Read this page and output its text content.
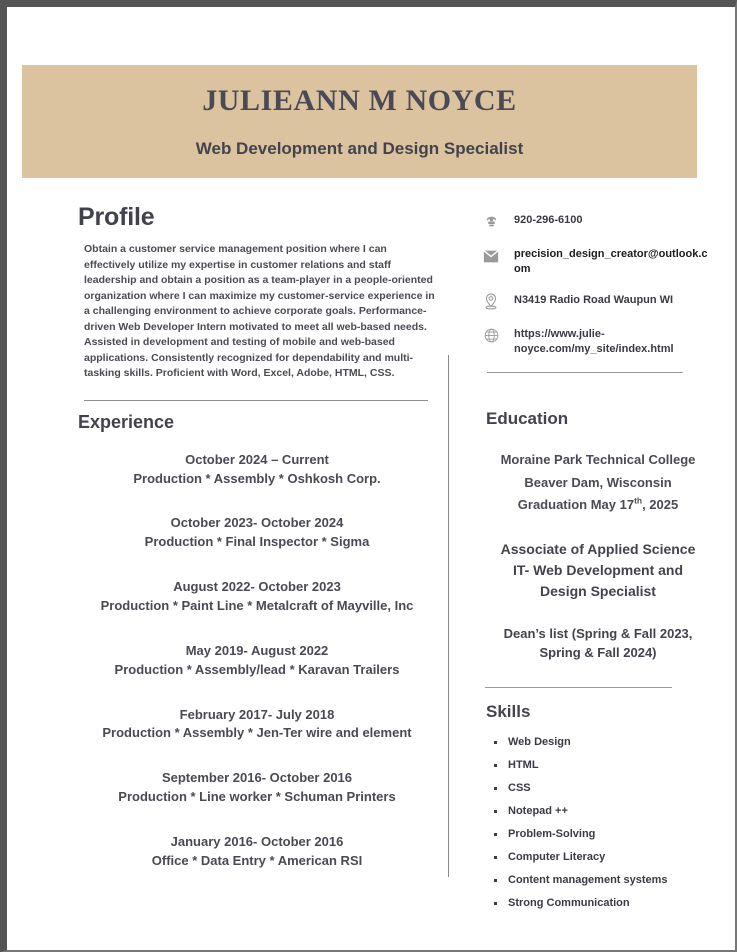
JULIEANN M NOYCE
Web Development and Design Specialist
Profile

Obtain a customer service management position where I can effectively utilize my expertise in customer relations and staff leadership and obtain a position as a team-player in a people-oriented organization where I can maximize my customer-service experience in a challenging environment to achieve corporate goals. Performance-driven Web Developer Intern motivated to meet all web-based needs. Assisted in development and testing of mobile and web-based applications. Consistently recognized for dependability and multi-tasking skills. Proficient with Word, Excel, Adobe, HTML, CSS.

Experience
October 2024 – Current
Production * Assembly * Oshkosh Corp.
October 2023- October 2024
Production * Final Inspector * Sigma
August 2022- October 2023
Production * Paint Line * Metalcraft of Mayville, Inc
May 2019- August 2022
Production * Assembly/lead * Karavan Trailers
February 2017- July 2018
Production * Assembly * Jen-Ter wire and element
September 2016- October 2016
Production * Line worker * Schuman Printers
January 2016- October 2016
Office * Data Entry * American RSI
920-296-6100
precision_design_creator@outlook.com
N3419 Radio Road Waupun WI
https://www.julie-noyce.com/my_site/index.html
Education

Moraine Park Technical College
Beaver Dam, Wisconsin
Graduation May 17th, 2025

Associate of Applied Science
IT- Web Development and
Design Specialist

Dean’s list (Spring & Fall 2023,
Spring & Fall 2024)

Skills
Web Design
HTML
CSS
Notepad ++
Problem-Solving
Computer Literacy
Content management systems
Strong Communication
